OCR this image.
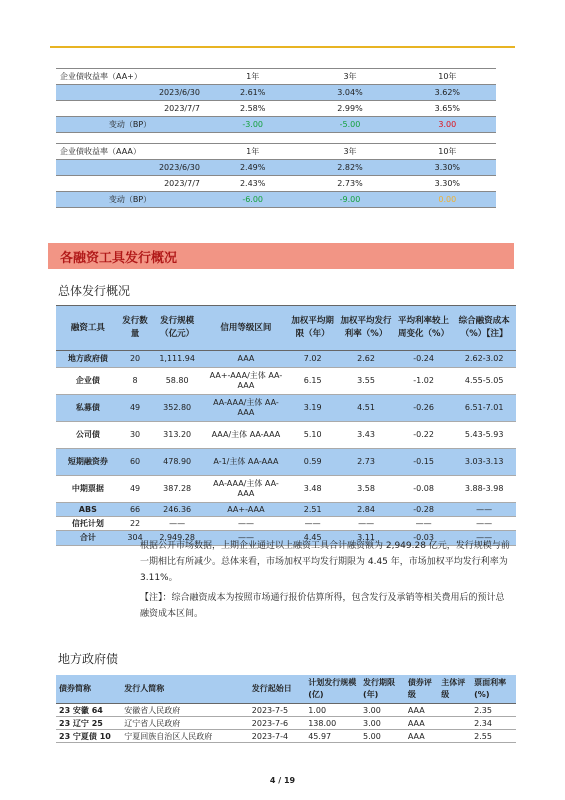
企业债收益率（AA+）	1年	3年	10年
2023/6/30	2.61%	3.04%	3.62%
2023/7/7	2.58%	2.99%	3.65%
变动（BP）	-3.00	-5.00	3.00
企业债收益率（AAA）	1年	3年	10年
2023/6/30	2.49%	2.82%	3.30%
2023/7/7	2.43%	2.73%	3.30%
变动（BP）	-6.00	-9.00	0.00
各融资工具发行概况
总体发行概况
融资工具	发行数量	发行规模（亿元）	信用等级区间	加权平均期限（年）	加权平均发行利率（%）	平均利率较上周变化（%）	综合融资成本（%）【注】
地方政府债	20	1,111.94	AAA	7.02	2.62	-0.24	2.62-3.02
企业债	8	58.80	AA+-AAA/主体 AA-AAA	6.15	3.55	-1.02	4.55-5.05
私募债	49	352.80	AA-AAA/主体 AA-AAA	3.19	4.51	-0.26	6.51-7.01
公司债	30	313.20	AAA/主体 AA-AAA	5.10	3.43	-0.22	5.43-5.93
短期融资券	60	478.90	A-1/主体 AA-AAA	0.59	2.73	-0.15	3.03-3.13
中期票据	49	387.28	AA-AAA/主体 AA-AAA	3.48	3.58	-0.08	3.88-3.98
ABS	66	246.36	AA+-AAA	2.51	2.84	-0.28	——
信托计划	22	——	——	——	——	——	——
合计	304	2,949.28	——	4.45	3.11	-0.03	——
根据公开市场数据，上期企业通过以上融资工具合计融资额为 2,949.28 亿元，发行规模与前一期相比有所减少。总体来看，市场加权平均发行期限为 4.45 年，市场加权平均发行利率为 3.11%。
【注】：综合融资成本为按照市场通行报价估算所得，包含发行及承销等相关费用后的预计总融资成本区间。
地方政府债
债券简称	发行人简称	发行起始日	计划发行规模(亿)	发行期限(年)	债券评级	主体评级	票面利率(%)
23 安徽 64	安徽省人民政府	2023-7-5	1.00	3.00	AAA		2.35
23 辽宁 25	辽宁省人民政府	2023-7-6	138.00	3.00	AAA		2.34
23 宁夏债 10	宁夏回族自治区人民政府	2023-7-4	45.97	5.00	AAA		2.55
4 / 19
